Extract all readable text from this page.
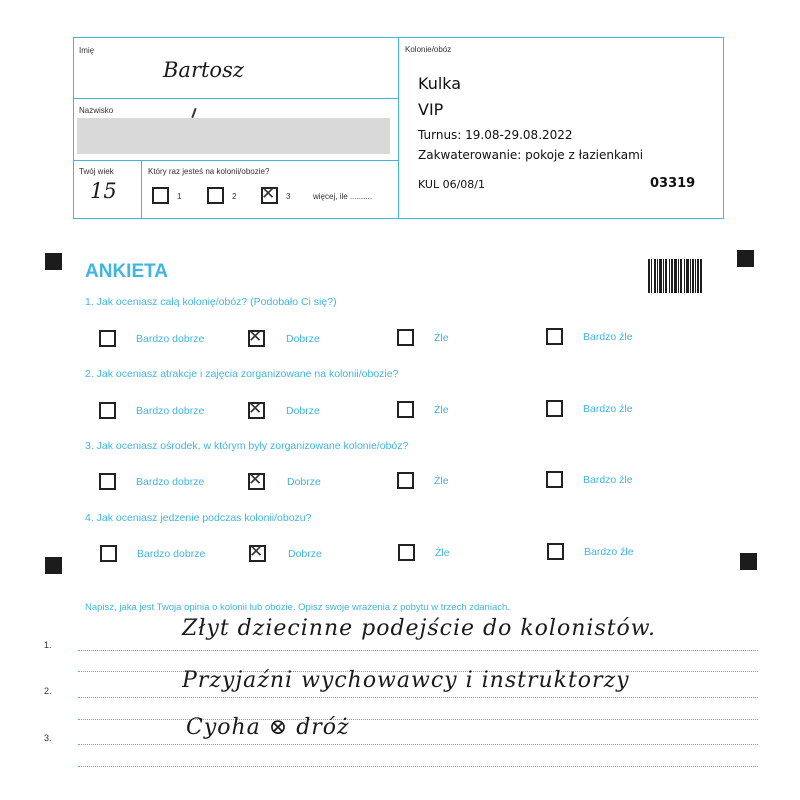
Imię
Bartosz
Nazwisko
Twój wiek
15
Który raz jesteś na kolonii/obozie?
1	2 ✕ 3	więcej, ile ..........
Kolonie/obóz
Kulka
VIP
Turnus: 19.08-29.08.2022
Zakwaterowanie: pokoje z łazienkami
KUL 06/08/1	03319
ANKIETA
1. Jak oceniasz całą kolonię/obóz? (Podobało Ci się?)
Bardzo dobrze	✕ Dobrze	Źle	Bardzo źle
2. Jak oceniasz atrakcje i zajęcia zorganizowane na kolonii/obozie?
Bardzo dobrze	✕ Dobrze	Źle	Bardzo źle
3. Jak oceniasz ośrodek, w którym były zorganizowane kolonie/obóz?
Bardzo dobrze	✕ Dobrze	Źle	Bardzo źle
4. Jak oceniasz jedzenie podczas kolonii/obozu?
Bardzo dobrze	✕ Dobrze	Źle	Bardzo źle
Napisz, jaka jest Twoja opinia o kolonii lub obozie. Opisz swoje wrażenia z pobytu w trzech zdaniach.
1.
2.
3.
Złyt dziecinne podejście do kolonistów.
Przyjaźni wychowawcy i instruktorzy
Cyoha ⊗ dróż
